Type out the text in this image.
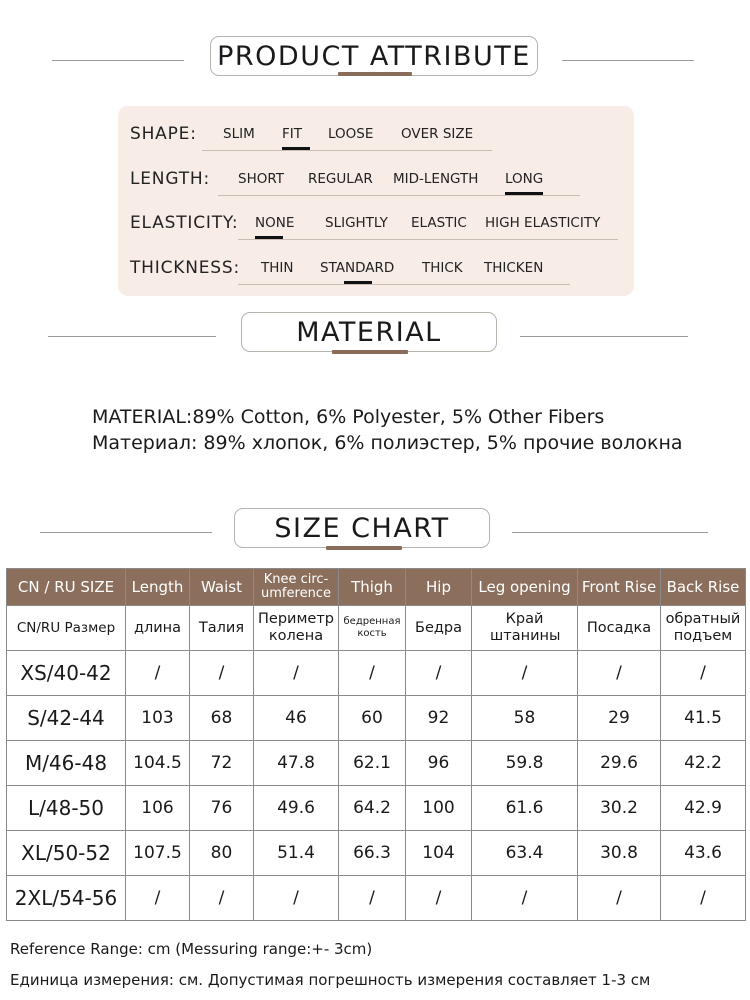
PRODUCT ATTRIBUTE
SHAPE: SLIM FIT LOOSE OVER SIZE
LENGTH: SHORT REGULAR MID-LENGTH LONG
ELASTICITY: NONE SLIGHTLY ELASTIC HIGH ELASTICITY
THICKNESS: THIN STANDARD THICK THICKEN
MATERIAL
MATERIAL:89% Cotton, 6% Polyester, 5% Other Fibers
Материал: 89% хлопок, 6% полиэстер, 5% прочие волокна
SIZE CHART
CN / RU SIZE	Length	Waist	Knee circ-umference	Thigh	Hip	Leg opening	Front Rise	Back Rise
CN/RU Размер	длина	Талия	Периметр колена	бедренная кость	Бедра	Край штанины	Посадка	обратный подъем
XS/40-42	/	/	/	/	/	/	/	/
S/42-44	103	68	46	60	92	58	29	41.5
M/46-48	104.5	72	47.8	62.1	96	59.8	29.6	42.2
L/48-50	106	76	49.6	64.2	100	61.6	30.2	42.9
XL/50-52	107.5	80	51.4	66.3	104	63.4	30.8	43.6
2XL/54-56	/	/	/	/	/	/	/	/
Reference Range: cm (Messuring range:+- 3cm)
Единица измерения: см. Допустимая погрешность измерения составляет 1-3 см
